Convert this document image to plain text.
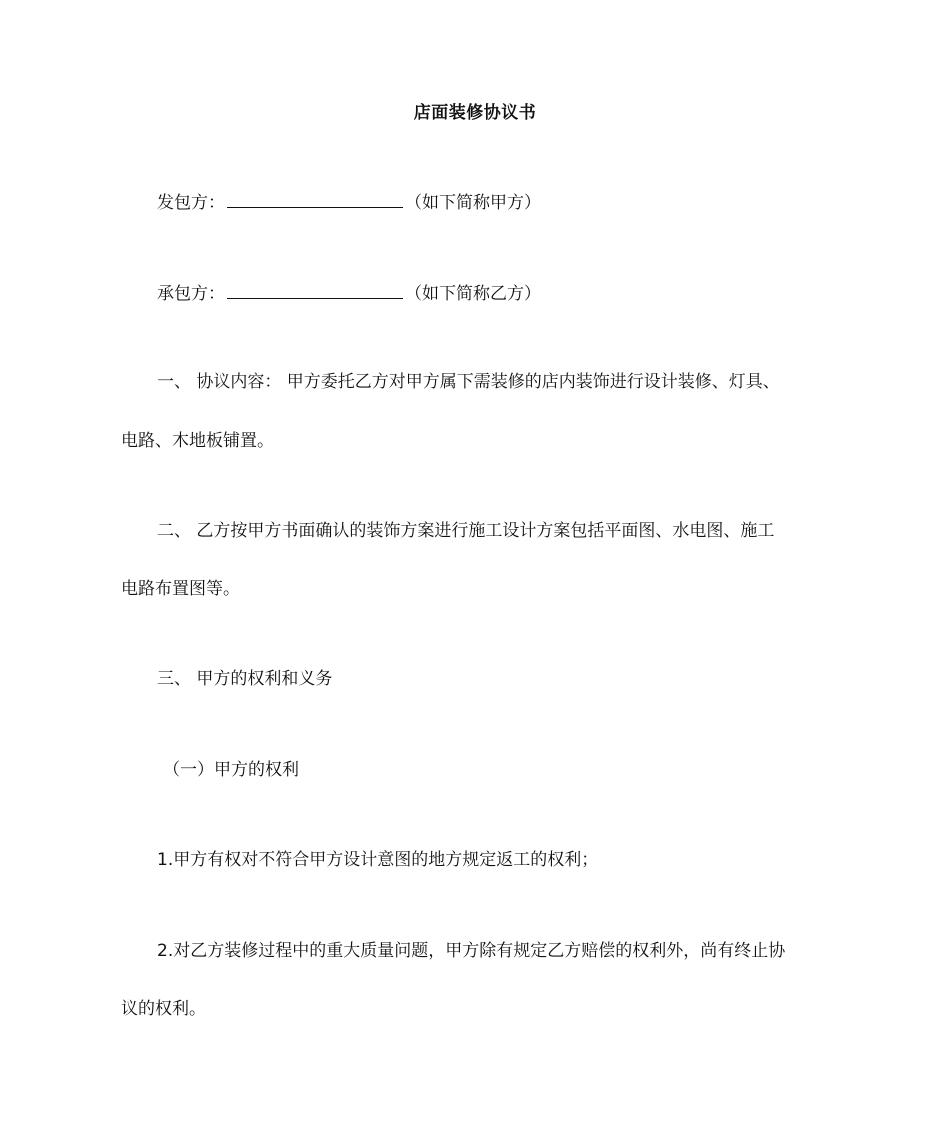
店面装修协议书
发包方：	（如下简称甲方）
承包方：	（如下简称乙方）
一、 协议内容： 甲方委托乙方对甲方属下需装修的店内装饰进行设计装修、灯具、
电路、木地板铺置。
二、 乙方按甲方书面确认的装饰方案进行施工设计方案包括平面图、水电图、施工
电路布置图等。
三、 甲方的权利和义务
（一）甲方的权利
1.甲方有权对不符合甲方设计意图的地方规定返工的权利；
2.对乙方装修过程中的重大质量问题，甲方除有规定乙方赔偿的权利外，尚有终止协
议的权利。
